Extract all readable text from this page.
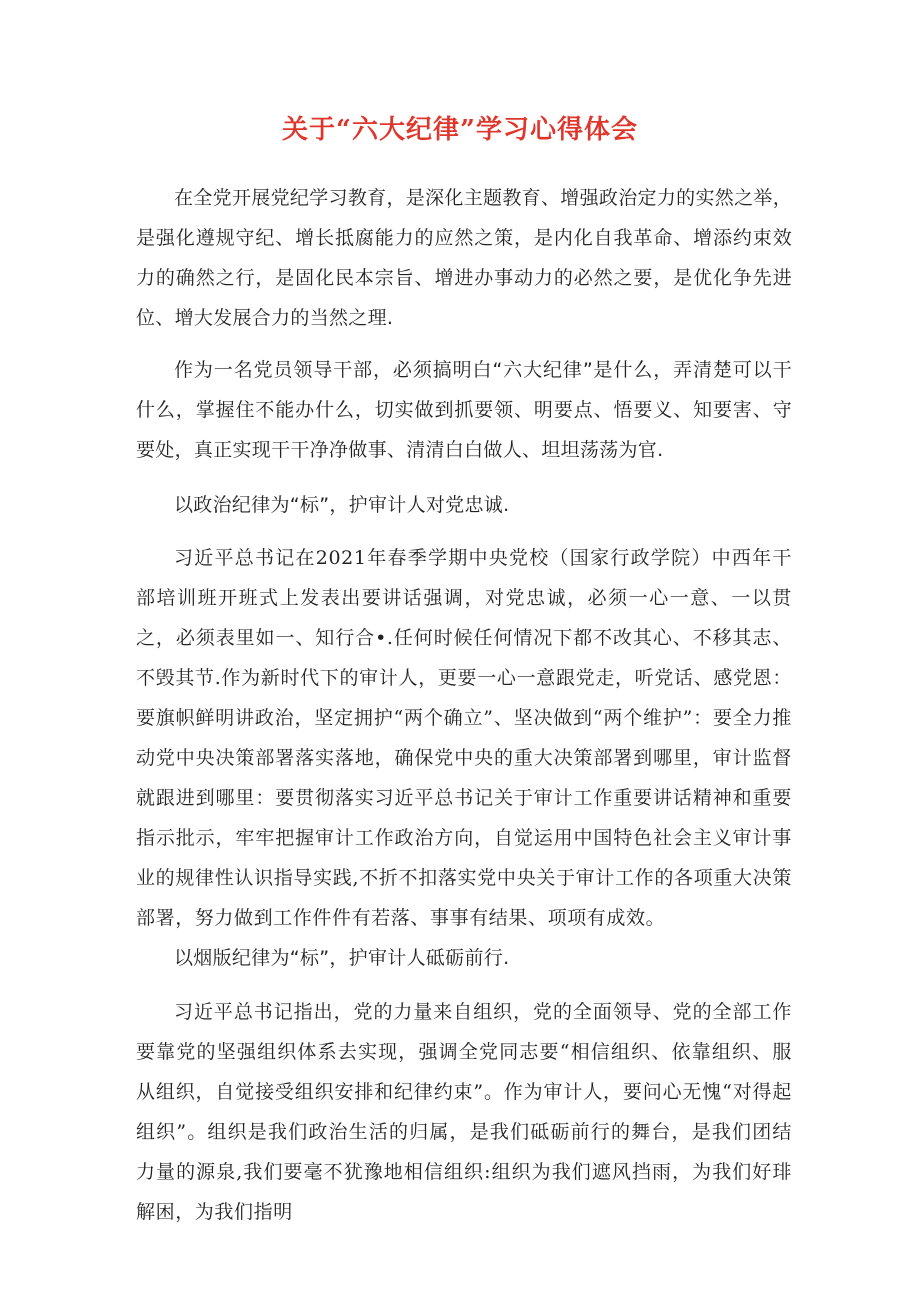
关于“六大纪律”学习心得体会

在全党开展党纪学习教育，是深化主题教育、增强政治定力的实然之举，是强化遵规守纪、增长抵腐能力的应然之策，是内化自我革命、增添约束效力的确然之行，是固化民本宗旨、增进办事动力的必然之要，是优化争先进位、增大发展合力的当然之理.

作为一名党员领导干部，必须搞明白“六大纪律”是什么，弄清楚可以干什么，掌握住不能办什么，切实做到抓要领、明要点、悟要义、知要害、守要处，真正实现干干净净做事、清清白白做人、坦坦荡荡为官.

以政治纪律为“标”，护审计人对党忠诚.

习近平总书记在2021年春季学期中央党校（国家行政学院）中西年干部培训班开班式上发表出要讲话强调，对党忠诚，必须一心一意、一以贯之，必须表里如一、知行合•.任何时候任何情况下都不改其心、不移其志、不毁其节.作为新时代下的审计人，更要一心一意跟党走，听党话、感党恩：要旗帜鲜明讲政治，坚定拥护“两个确立”、坚决做到“两个维护”：要全力推动党中央决策部署落实落地，确保党中央的重大决策部署到哪里，审计监督就跟进到哪里：要贯彻落实习近平总书记关于审计工作重要讲话精神和重要指示批示，牢牢把握审计工作政治方向，自觉运用中国特色社会主义审计事业的规律性认识指导实践,不折不扣落实党中央关于审计工作的各项重大决策部署，努力做到工作件件有若落、事事有结果、项项有成效。

以烟版纪律为“标”，护审计人砥砺前行.

习近平总书记指出，党的力量来自组织，党的全面领导、党的全部工作要靠党的坚强组织体系去实现，强调全党同志要“相信组织、依靠组织、服从组织，自觉接受组织安排和纪律约束”。作为审计人，要问心无愧“对得起组织”。组织是我们政治生活的归属，是我们砥砺前行的舞台，是我们团结力量的源泉,我们要毫不犹豫地相信组织:组织为我们遮风挡雨，为我们好琲解困，为我们指明
